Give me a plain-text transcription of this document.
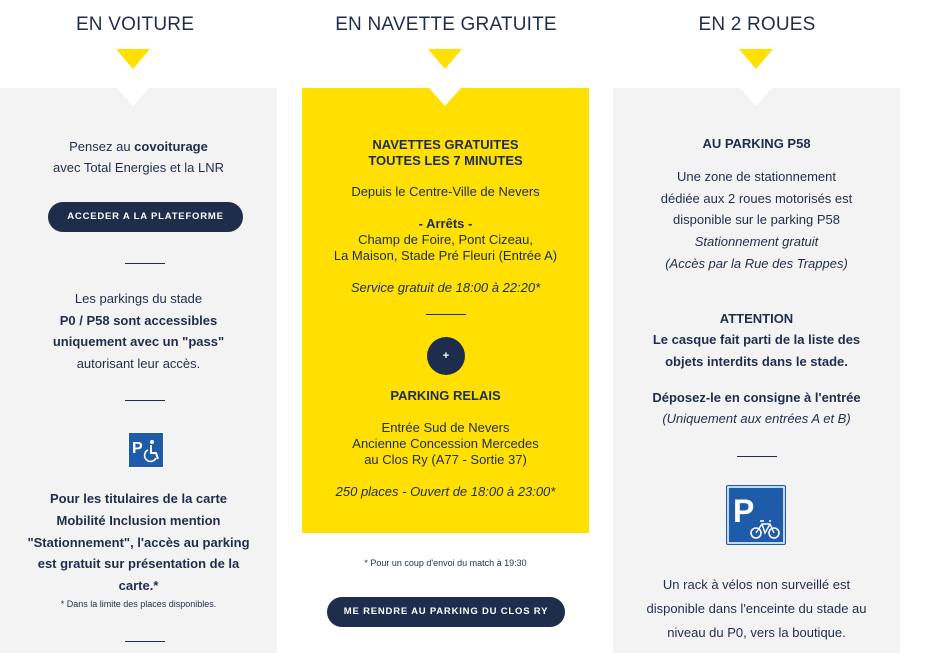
EN VOITURE	EN NAVETTE GRATUITE	EN 2 ROUES
Pensez au covoiturage
avec Total Energies et la LNR
ACCEDER A LA PLATEFORME
Les parkings du stade
P0 / P58 sont accessibles
uniquement avec un "pass"
autorisant leur accès.
P
Pour les titulaires de la carte
Mobilité Inclusion mention
"Stationnement", l'accès au parking
est gratuit sur présentation de la
carte.*
* Dans la limite des places disponibles.
NAVETTES GRATUITES
TOUTES LES 7 MINUTES
Depuis le Centre-Ville de Nevers
- Arrêts -
Champ de Foire, Pont Cizeau,
La Maison, Stade Pré Fleuri (Entrée A)
Service gratuit de 18:00 à 22:20*
+
PARKING RELAIS
Entrée Sud de Nevers
Ancienne Concession Mercedes
au Clos Ry (A77 - Sortie 37)
250 places - Ouvert de 18:00 à 23:00*
* Pour un coup d'envoi du match à 19:30
ME RENDRE AU PARKING DU CLOS RY
AU PARKING P58
Une zone de stationnement
dédiée aux 2 roues motorisés est
disponible sur le parking P58
Stationnement gratuit
(Accès par la Rue des Trappes)
ATTENTION
Le casque fait parti de la liste des
objets interdits dans le stade.
Déposez-le en consigne à l'entrée
(Uniquement aux entrées A et B)
P
Un rack à vélos non surveillé est
disponible dans l'enceinte du stade au
niveau du P0, vers la boutique.
